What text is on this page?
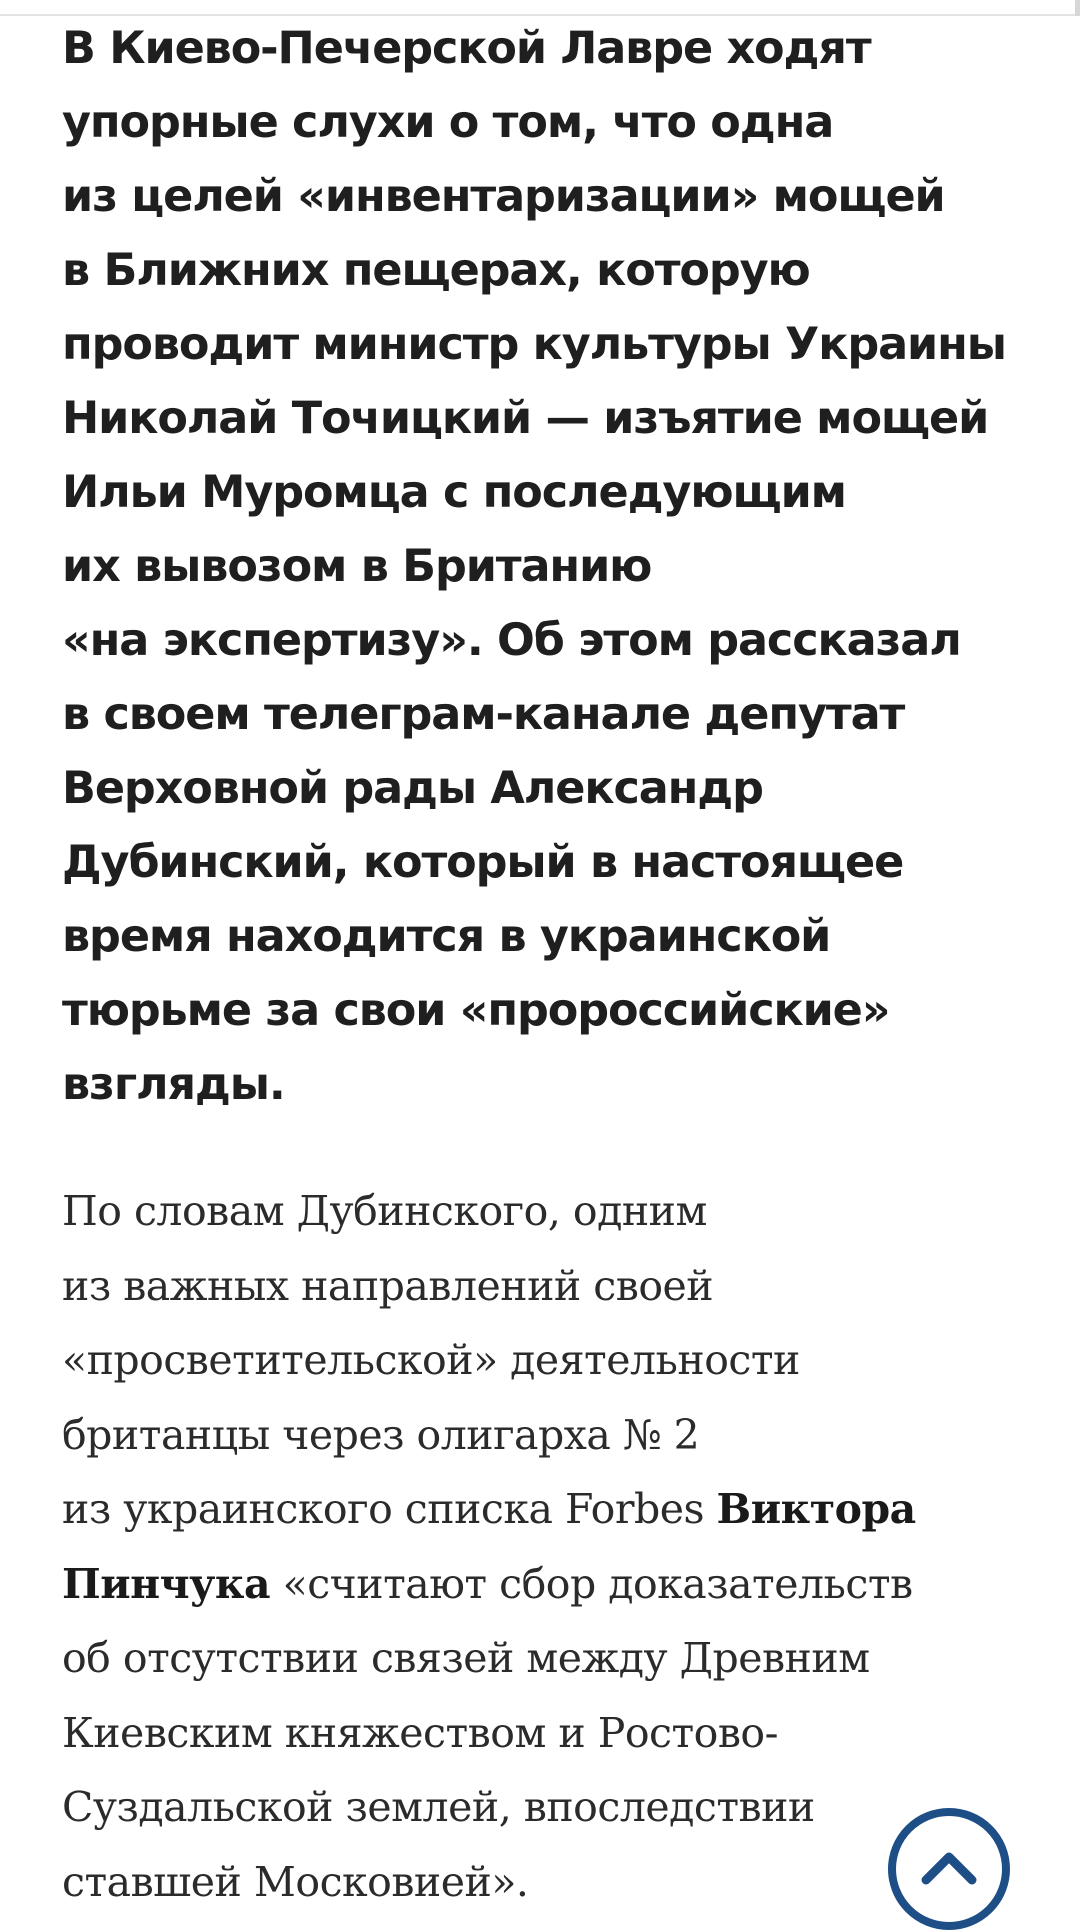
В Киево-Печерской Лавре ходят
упорные слухи о том, что одна
из целей «инвентаризации» мощей
в Ближних пещерах, которую
проводит министр культуры Украины
Николай Точицкий — изъятие мощей
Ильи Муромца с последующим
их вывозом в Британию
«на экспертизу». Об этом рассказал
в своем телеграм-канале депутат
Верховной рады Александр
Дубинский, который в настоящее
время находится в украинской
тюрьме за свои «пророссийские»
взгляды.

По словам Дубинского, одним
из важных направлений своей
«просветительской» деятельности
британцы через олигарха № 2
из украинского списка Forbes Виктора
Пинчука «считают сбор доказательств
об отсутствии связей между Древним
Киевским княжеством и Ростово-
Суздальской землей, впоследствии
ставшей Московией».
